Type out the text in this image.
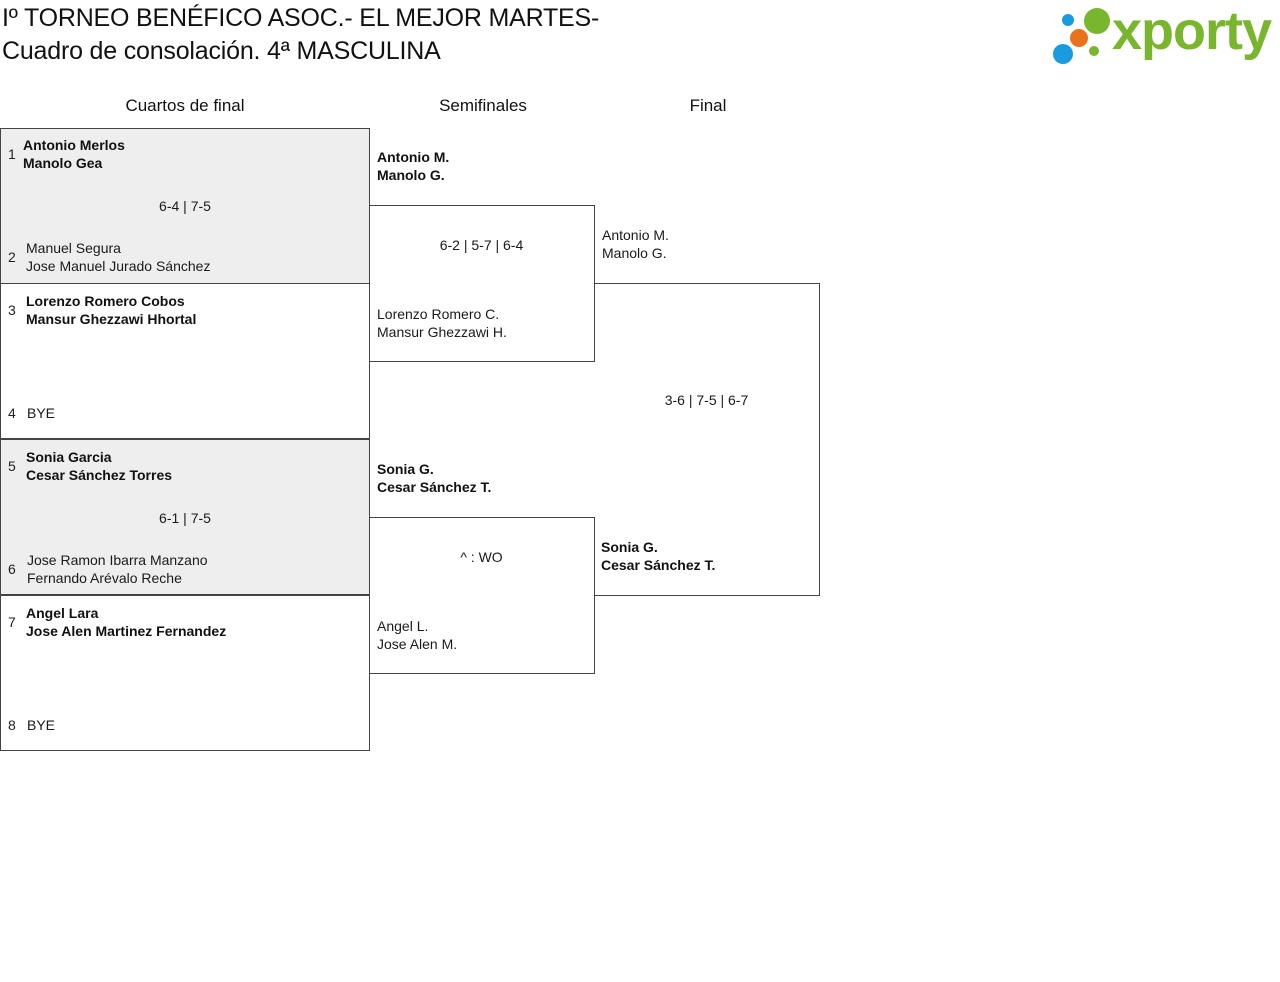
Iº TORNEO BENÉFICO ASOC.- EL MEJOR MARTES-
Cuadro de consolación. 4ª MASCULINA	xporty
Cuartos de final	Semifinales	Final
1
Antonio Merlos
Manolo Gea
6-4 | 7-5
2
Manuel Segura
Jose Manuel Jurado Sánchez
3
Lorenzo Romero Cobos
Mansur Ghezzawi Hhortal
4 BYE
5
Sonia Garcia
Cesar Sánchez Torres
6-1 | 7-5
6
Jose Ramon Ibarra Manzano
Fernando Arévalo Reche
7
Angel Lara
Jose Alen Martinez Fernandez
8 BYE
Antonio M.
Manolo G.
6-2 | 5-7 | 6-4
Lorenzo Romero C.
Mansur Ghezzawi H.
Sonia G.
Cesar Sánchez T.
^ : WO
Angel L.
Jose Alen M.
Antonio M.
Manolo G.
3-6 | 7-5 | 6-7
Sonia G.
Cesar Sánchez T.
